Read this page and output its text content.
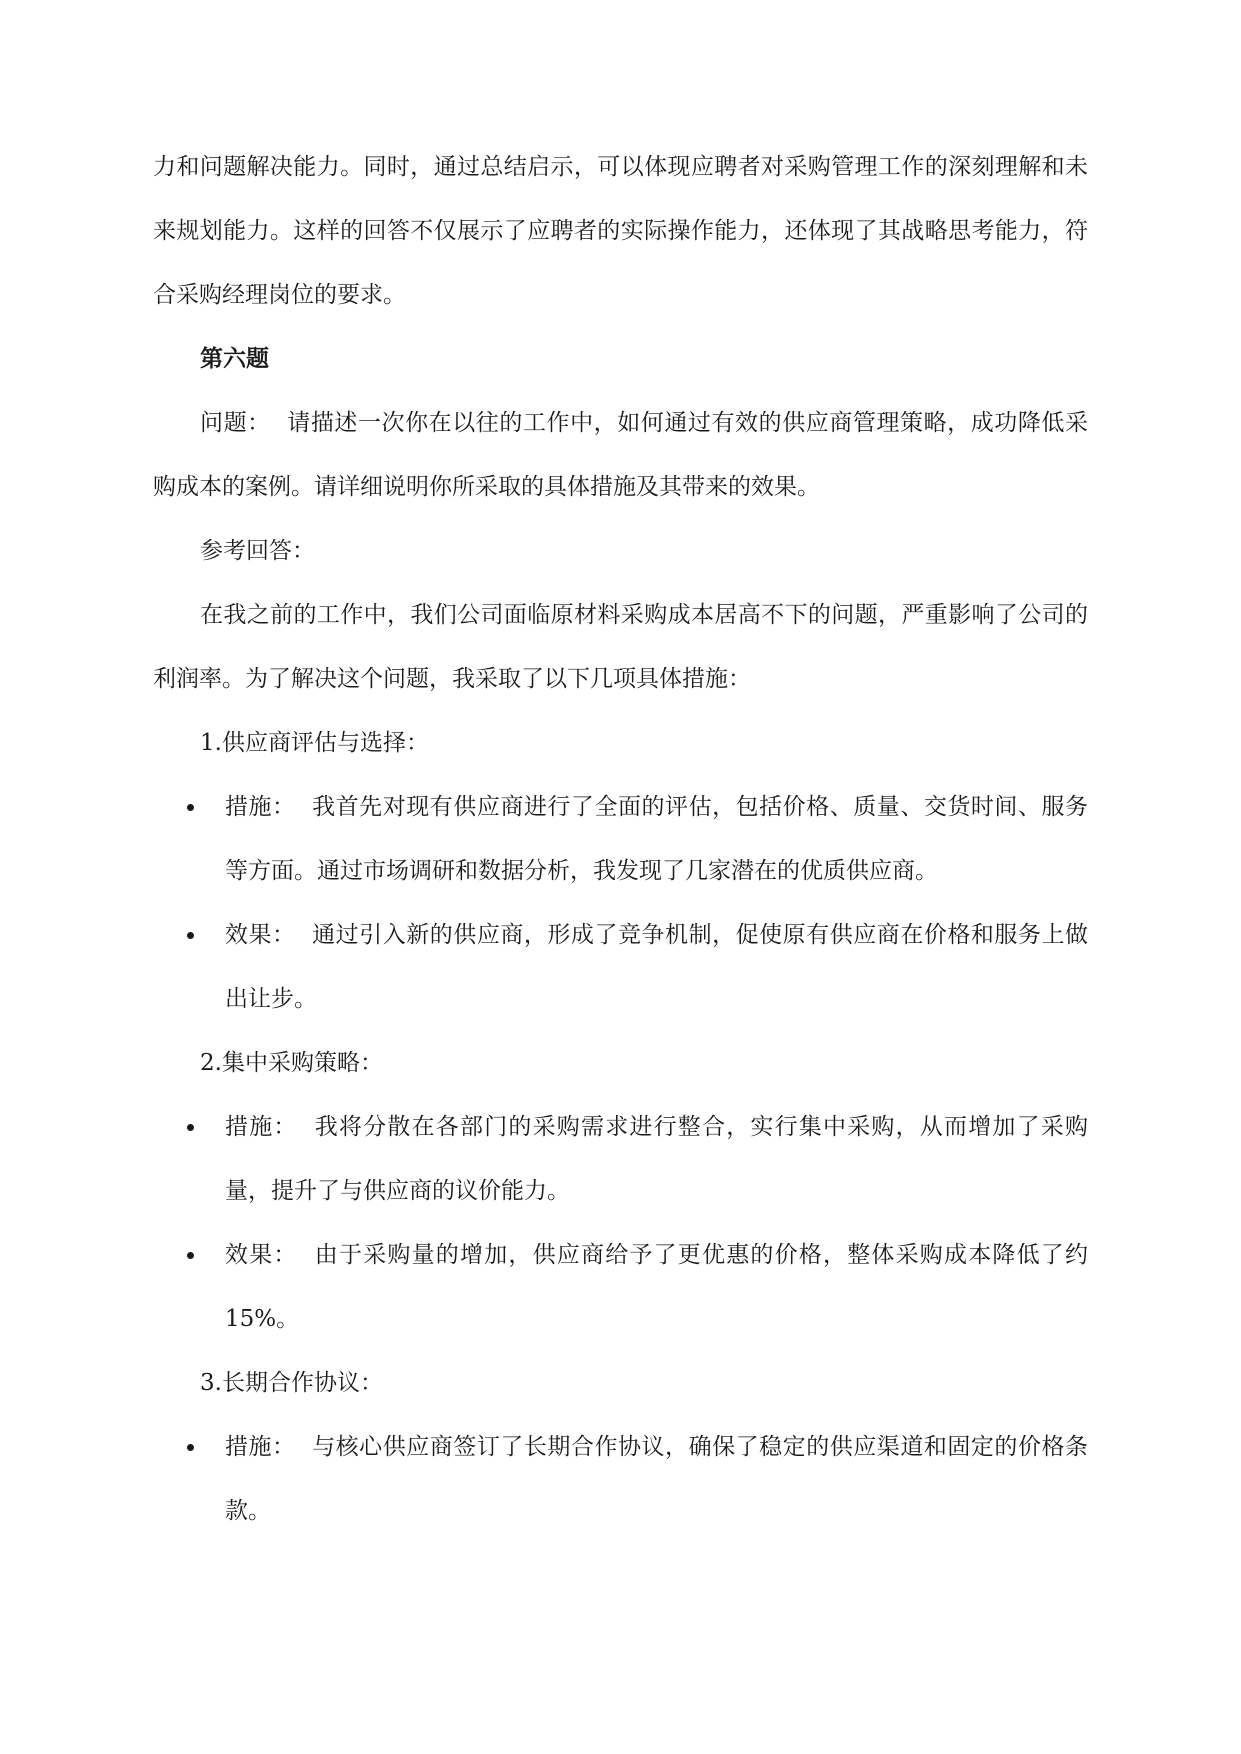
力和问题解决能力。同时，通过总结启示，可以体现应聘者对采购管理工作的深刻理解和未来规划能力。这样的回答不仅展示了应聘者的实际操作能力，还体现了其战略思考能力，符合采购经理岗位的要求。

第六题

问题： 请描述一次你在以往的工作中，如何通过有效的供应商管理策略，成功降低采购成本的案例。请详细说明你所采取的具体措施及其带来的效果。

参考回答：

在我之前的工作中，我们公司面临原材料采购成本居高不下的问题，严重影响了公司的利润率。为了解决这个问题，我采取了以下几项具体措施：

1.供应商评估与选择：

措施： 我首先对现有供应商进行了全面的评估，包括价格、质量、交货时间、服务等方面。通过市场调研和数据分析，我发现了几家潜在的优质供应商。
效果： 通过引入新的供应商，形成了竞争机制，促使原有供应商在价格和服务上做出让步。

2.集中采购策略：

措施： 我将分散在各部门的采购需求进行整合，实行集中采购，从而增加了采购量，提升了与供应商的议价能力。
效果： 由于采购量的增加，供应商给予了更优惠的价格，整体采购成本降低了约 15%。

3.长期合作协议：

措施： 与核心供应商签订了长期合作协议，确保了稳定的供应渠道和固定的价格条款。
